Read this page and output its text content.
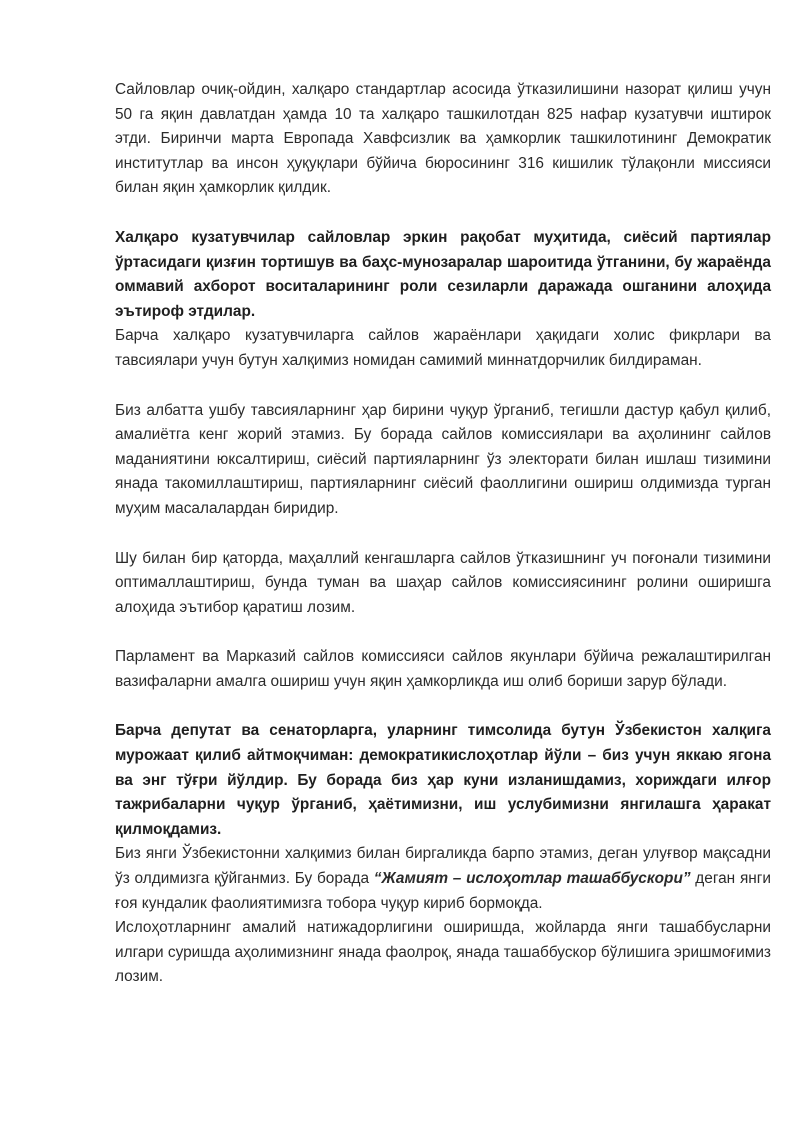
Сайловлар очиқ-ойдин, халқаро стандартлар асосида ўтказилишини назорат қилиш учун 50 га яқин давлатдан ҳамда 10 та халқаро ташкилотдан 825 нафар кузатувчи иштирок этди. Биринчи марта Европада Хавфсизлик ва ҳамкорлик ташкилотининг Демократик институтлар ва инсон ҳуқуқлари бўйича бюросининг 316 кишилик тўлақонли миссияси билан яқин ҳамкорлик қилдик.

Халқаро кузатувчилар сайловлар эркин рақобат муҳитида, сиёсий партиялар ўртасидаги қизғин тортишув ва баҳс-мунозаралар шароитида ўтганини, бу жараёнда оммавий ахборот воситаларининг роли сезиларли даражада ошганини алоҳида эътироф этдилар.
Барча халқаро кузатувчиларга сайлов жараёнлари ҳақидаги холис фикрлари ва тавсиялари учун бутун халқимиз номидан самимий миннатдорчилик билдираман.

Биз албатта ушбу тавсияларнинг ҳар бирини чуқур ўрганиб, тегишли дастур қабул қилиб, амалиётга кенг жорий этамиз. Бу борада сайлов комиссиялари ва аҳолининг сайлов маданиятини юксалтириш, сиёсий партияларнинг ўз электорати билан ишлаш тизимини янада такомиллаштириш, партияларнинг сиёсий фаоллигини ошириш олдимизда турган муҳим масалалардан биридир.

Шу билан бир қаторда, маҳаллий кенгашларга сайлов ўтказишнинг уч поғонали тизимини оптималлаштириш, бунда туман ва шаҳар сайлов комиссиясининг ролини оширишга алоҳида эътибор қаратиш лозим.

Парламент ва Марказий сайлов комиссияси сайлов якунлари бўйича режалаштирилган вазифаларни амалга ошириш учун яқин ҳамкорликда иш олиб бориши зарур бўлади.

Барча депутат ва сенаторларга, уларнинг тимсолида бутун Ўзбекистон халқига мурожаат қилиб айтмоқчиман: демократикислоҳотлар йўли – биз учун яккаю ягона ва энг тўғри йўлдир. Бу борада биз ҳар куни изланишдамиз, хориждаги илғор тажрибаларни чуқур ўрганиб, ҳаётимизни, иш услубимизни янгилашга ҳаракат қилмоқдамиз.
Биз янги Ўзбекистонни халқимиз билан биргаликда барпо этамиз, деган улуғвор мақсадни ўз олдимизга қўйганмиз. Бу борада “Жамият – ислоҳотлар ташаббускори” деган янги ғоя кундалик фаолиятимизга тобора чуқур кириб бормоқда.

Ислоҳотларнинг амалий натижадорлигини оширишда, жойларда янги ташаббусларни илгари суришда аҳолимизнинг янада фаолроқ, янада ташаббускор бўлишига эришмоғимиз лозим.
